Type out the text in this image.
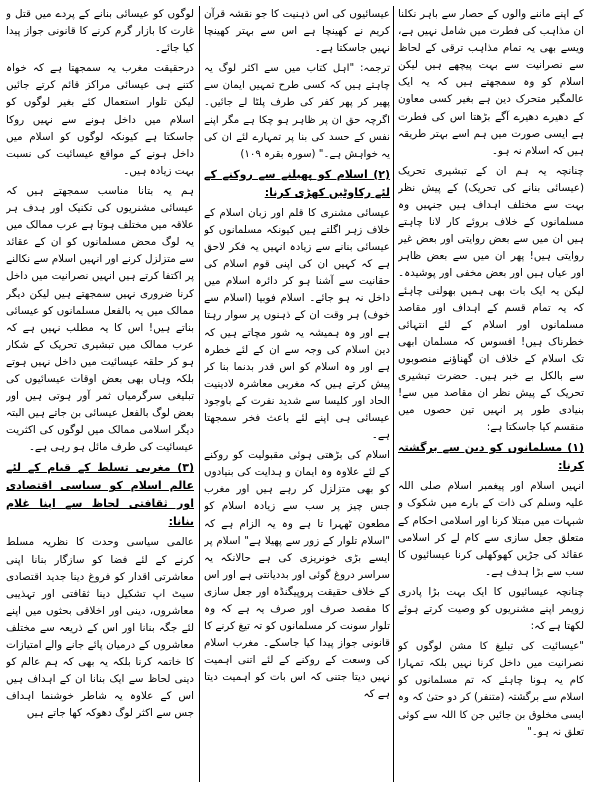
کے اپنے ماننے والوں کے حصار سے باہر نکلنا ان مذاہب کی فطرت میں شامل نہیں ہے، ویسے بھی یہ تمام مذاہب ترقی کے لحاظ سے نصرانیت سے بہت پیچھے ہیں لیکن اسلام کو وہ سمجھتے ہیں کہ یہ ایک عالمگیر متحرک دین ہے بغیر کسی معاون کے دھیرے دھیرے آگے بڑھتا اس کی فطرت ہے ایسی صورت میں ہم اسے بہتر طریقہ ہیں کہ اسلام نہ ہو۔

چنانچہ یہ ہم ان کے تبشیری تحریک (عیسائی بنانے کی تحریک) کے پیش نظر بہت سے مختلف اہداف ہیں جنہیں وہ مسلمانوں کے خلاف بروئے کار لانا چاہتے ہیں ان میں سے بعض روایتی اور بعض غیر روایتی ہیں! پھر ان میں سے بعض ظاہر اور عیاں ہیں اور بعض مخفی اور پوشیدہ۔ لیکن یہ ایک بات بھی ہمیں بھولنی چاہئے کہ یہ تمام قسم کے اہداف اور مقاصد مسلمانوں اور اسلام کے لئے انتہائی خطرناک ہیں! افسوس کہ مسلمان ابھی تک اسلام کے خلاف ان گھناؤنے منصوبوں سے بالکل بے خبر ہیں۔ حضرت تبشیری تحریک کے پیش نظر ان مقاصد میں سے! بنیادی طور پر انہیں تین حصوں میں منقسم کیا جاسکتا ہے:

(۱) مسلمانوں کو دین سے برگشتہ کرنا:

انہیں اسلام اور پیغمبر اسلام صلی اللہ علیہ وسلم کی ذات کے بارے میں شکوک و شبہات میں مبتلا کرنا اور اسلامی احکام کے متعلق جعل سازی سے کام لے کر اسلامی عقائد کی جڑیں کھوکھلی کرنا عیسائیوں کا سب سے بڑا ہدف ہے۔

چنانچہ عیسائیوں کا ایک بہت بڑا پادری زویمر اپنے مشنریوں کو وصیت کرتے ہوئے لکھتا ہے کہ:

"عیسائیت کی تبلیغ کا مشن لوگوں کو نصرانیت میں داخل کرنا نہیں بلکہ تمہارا کام یہ ہونا چاہئے کہ تم مسلمانوں کو اسلام سے برگشتہ (متنفر) کر دو حتیٰ کہ وہ ایسی مخلوق بن جائیں جن کا اللہ سے کوئی تعلق نہ ہو۔"

عیسائیوں کی اس ذہنیت کا جو نقشہ قرآن کریم نے کھینچا ہے اس سے بہتر کھینچا نہیں جاسکتا ہے۔

ترجمہ: "اہل کتاب میں سے اکثر لوگ یہ چاہتے ہیں کہ کسی طرح تمہیں ایمان سے پھیر کر پھر کفر کی طرف پلٹا لے جائیں۔ اگرچہ حق ان پر ظاہر ہو چکا ہے مگر اپنے نفس کے حسد کی بنا پر تمہارے لئے ان کی یہ خواہش ہے۔" (سورہ بقرہ ۱۰۹)

(۲) اسلام کو پھیلنے سے روکنے کے لئے رکاوٹیں کھڑی کرنا:

عیسائی مشنری کا قلم اور زبان اسلام کے خلاف زہر اگلتے ہیں کیونکہ مسلمانوں کو عیسائی بنانے سے زیادہ انہیں یہ فکر لاحق ہے کہ کہیں ان کی اپنی قوم اسلام کی حقانیت سے آشنا ہو کر دائرہ اسلام میں داخل نہ ہو جائے۔ اسلام فوبیا (اسلام سے خوف) ہر وقت ان کے ذہنوں پر سوار رہتا ہے اور وہ ہمیشہ یہ شور مچاتے ہیں کہ دین اسلام کی وجہ سے ان کے لئے خطرہ ہے اور وہ اسلام کو اس قدر بدنما بنا کر پیش کرتے ہیں کہ مغربی معاشرہ لادینیت الحاد اور کلیسا سے شدید نفرت کے باوجود عیسائی ہی اپنے لئے باعث فخر سمجھتا ہے۔

اسلام کی بڑھتی ہوئی مقبولیت کو روکنے کے لئے علاوہ وہ ایمان و ہدایت کی بنیادوں کو بھی متزلزل کر رہے ہیں اور مغرب جس چیز پر سب سے زیادہ اسلام کو مطعون ٹھہرا تا ہے وہ یہ الزام ہے کہ "اسلام تلوار کے زور سے پھیلا ہے" اسلام پر ایسے بڑی خونریزی کی ہے حالانکہ یہ سراسر دروغ گوئی اور بددیانتی ہے اور اس کے خلاف حقیقت پروپیگنڈہ اور جعل سازی کا مقصد صرف اور صرف یہ ہے کہ وہ تلوار سونت کر مسلمانوں کو تہ تیغ کرنے کا قانونی جواز پیدا کیا جاسکے۔ مغرب اسلام کی وسعت کے روکنے کے لئے اتنی اہمیت نہیں دیتا جتنی کہ اس بات کو اہمیت دیتا ہے کہ

لوگوں کو عیسائی بنانے کے پردے میں قتل و غارت کا بازار گرم کرنے کا قانونی جواز پیدا کیا جائے۔

درحقیقت مغرب یہ سمجھتا ہے کہ خواہ کتنے ہی عیسائی مراکز قائم کرتے جائیں لیکن تلوار استعمال کئے بغیر لوگوں کو اسلام میں داخل ہونے سے نہیں روکا جاسکتا ہے کیونکہ لوگوں کو اسلام میں داخل ہونے کے مواقع عیسائیت کی نسبت بہت زیادہ ہیں۔

ہم یہ بتانا مناسب سمجھتے ہیں کہ عیسائی مشنریوں کی تکنیک اور ہدف ہر علاقہ میں مختلف ہوتا ہے عرب ممالک میں یہ لوگ محض مسلمانوں کو ان کے عقائد سے متزلزل کرنے اور انہیں اسلام سے نکالنے پر اکتفا کرتے ہیں انہیں نصرانیت میں داخل کرنا ضروری نہیں سمجھتے ہیں لیکن دیگر ممالک میں یہ بالفعل مسلمانوں کو عیسائی بناتے ہیں! اس کا یہ مطلب نہیں ہے کہ عرب ممالک میں تبشیری تحریک کے شکار ہو کر حلقہ عیسائیت میں داخل نہیں ہوتے بلکہ وہاں بھی بعض اوقات عیسائیوں کی تبلیغی سرگرمیاں ثمر آور ہوتی ہیں اور بعض لوگ بالفعل عیسائی بن جاتے ہیں البتہ دیگر اسلامی ممالک میں لوگوں کی اکثریت عیسائیت کی طرف مائل ہو رہی ہے۔

(۳) مغربی تسلط کے قیام کے لئے عالم اسلام کو سیاسی اقتصادی اور ثقافتی لحاظ سے اپنا غلام بنانا:

عالمی سیاسی وحدت کا نظریہ مسلط کرنے کے لئے فضا کو سازگار بنانا اپنی معاشرتی اقدار کو فروغ دینا جدید اقتصادی سیٹ اپ تشکیل دینا ثقافتی اور تہذیبی معاشروں، دینی اور اخلاقی بحثوں میں اپنے لئے جگہ بنانا اور اس کے ذریعہ سے مختلف معاشروں کے درمیان پائے جانے والے امتیازات کا خاتمہ کرنا بلکہ یہ بھی کہ ہم عالم کو دینی لحاظ سے ایک بنانا ان کے اہداف ہیں اس کے علاوہ یہ شاطر خوشنما اہداف جس سے اکثر لوگ دھوکہ کھا جاتے ہیں
